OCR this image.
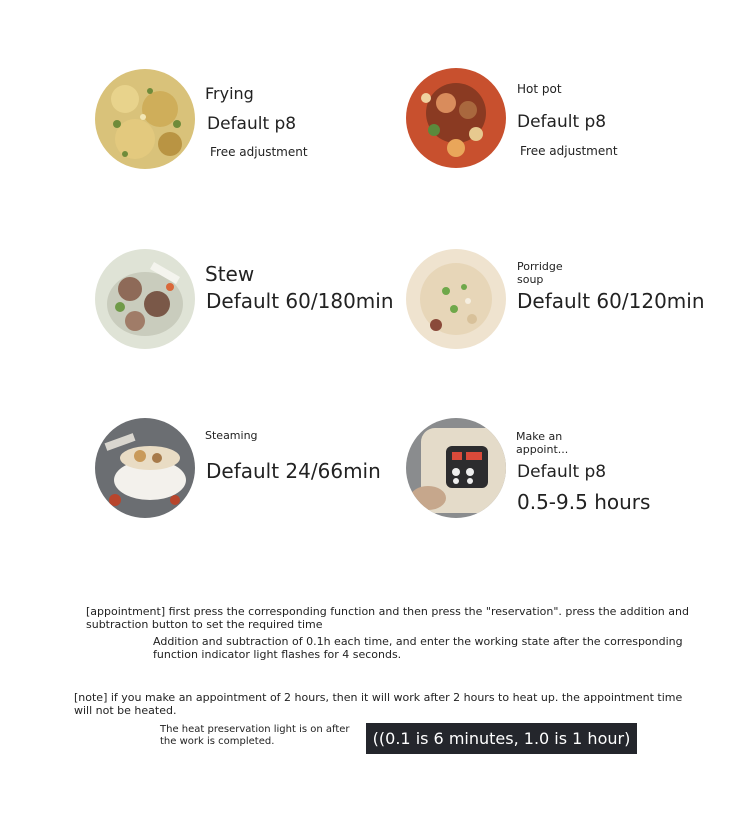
Frying
Default p8
Free adjustment
Hot pot
Default p8
Free adjustment
Stew
Default 60/180min
Porridge soup
Default 60/120min
Steaming
Default 24/66min
Make an appoint...
Default p8
0.5-9.5 hours
[appointment] first press the corresponding function and then press the "reservation". press the addition and subtraction button to set the required time
Addition and subtraction of 0.1h each time, and enter the working state after the corresponding function indicator light flashes for 4 seconds.
[note] if you make an appointment of 2 hours, then it will work after 2 hours to heat up. the appointment time will not be heated.
The heat preservation light is on after the work is completed.	((0.1 is 6 minutes, 1.0 is 1 hour)
